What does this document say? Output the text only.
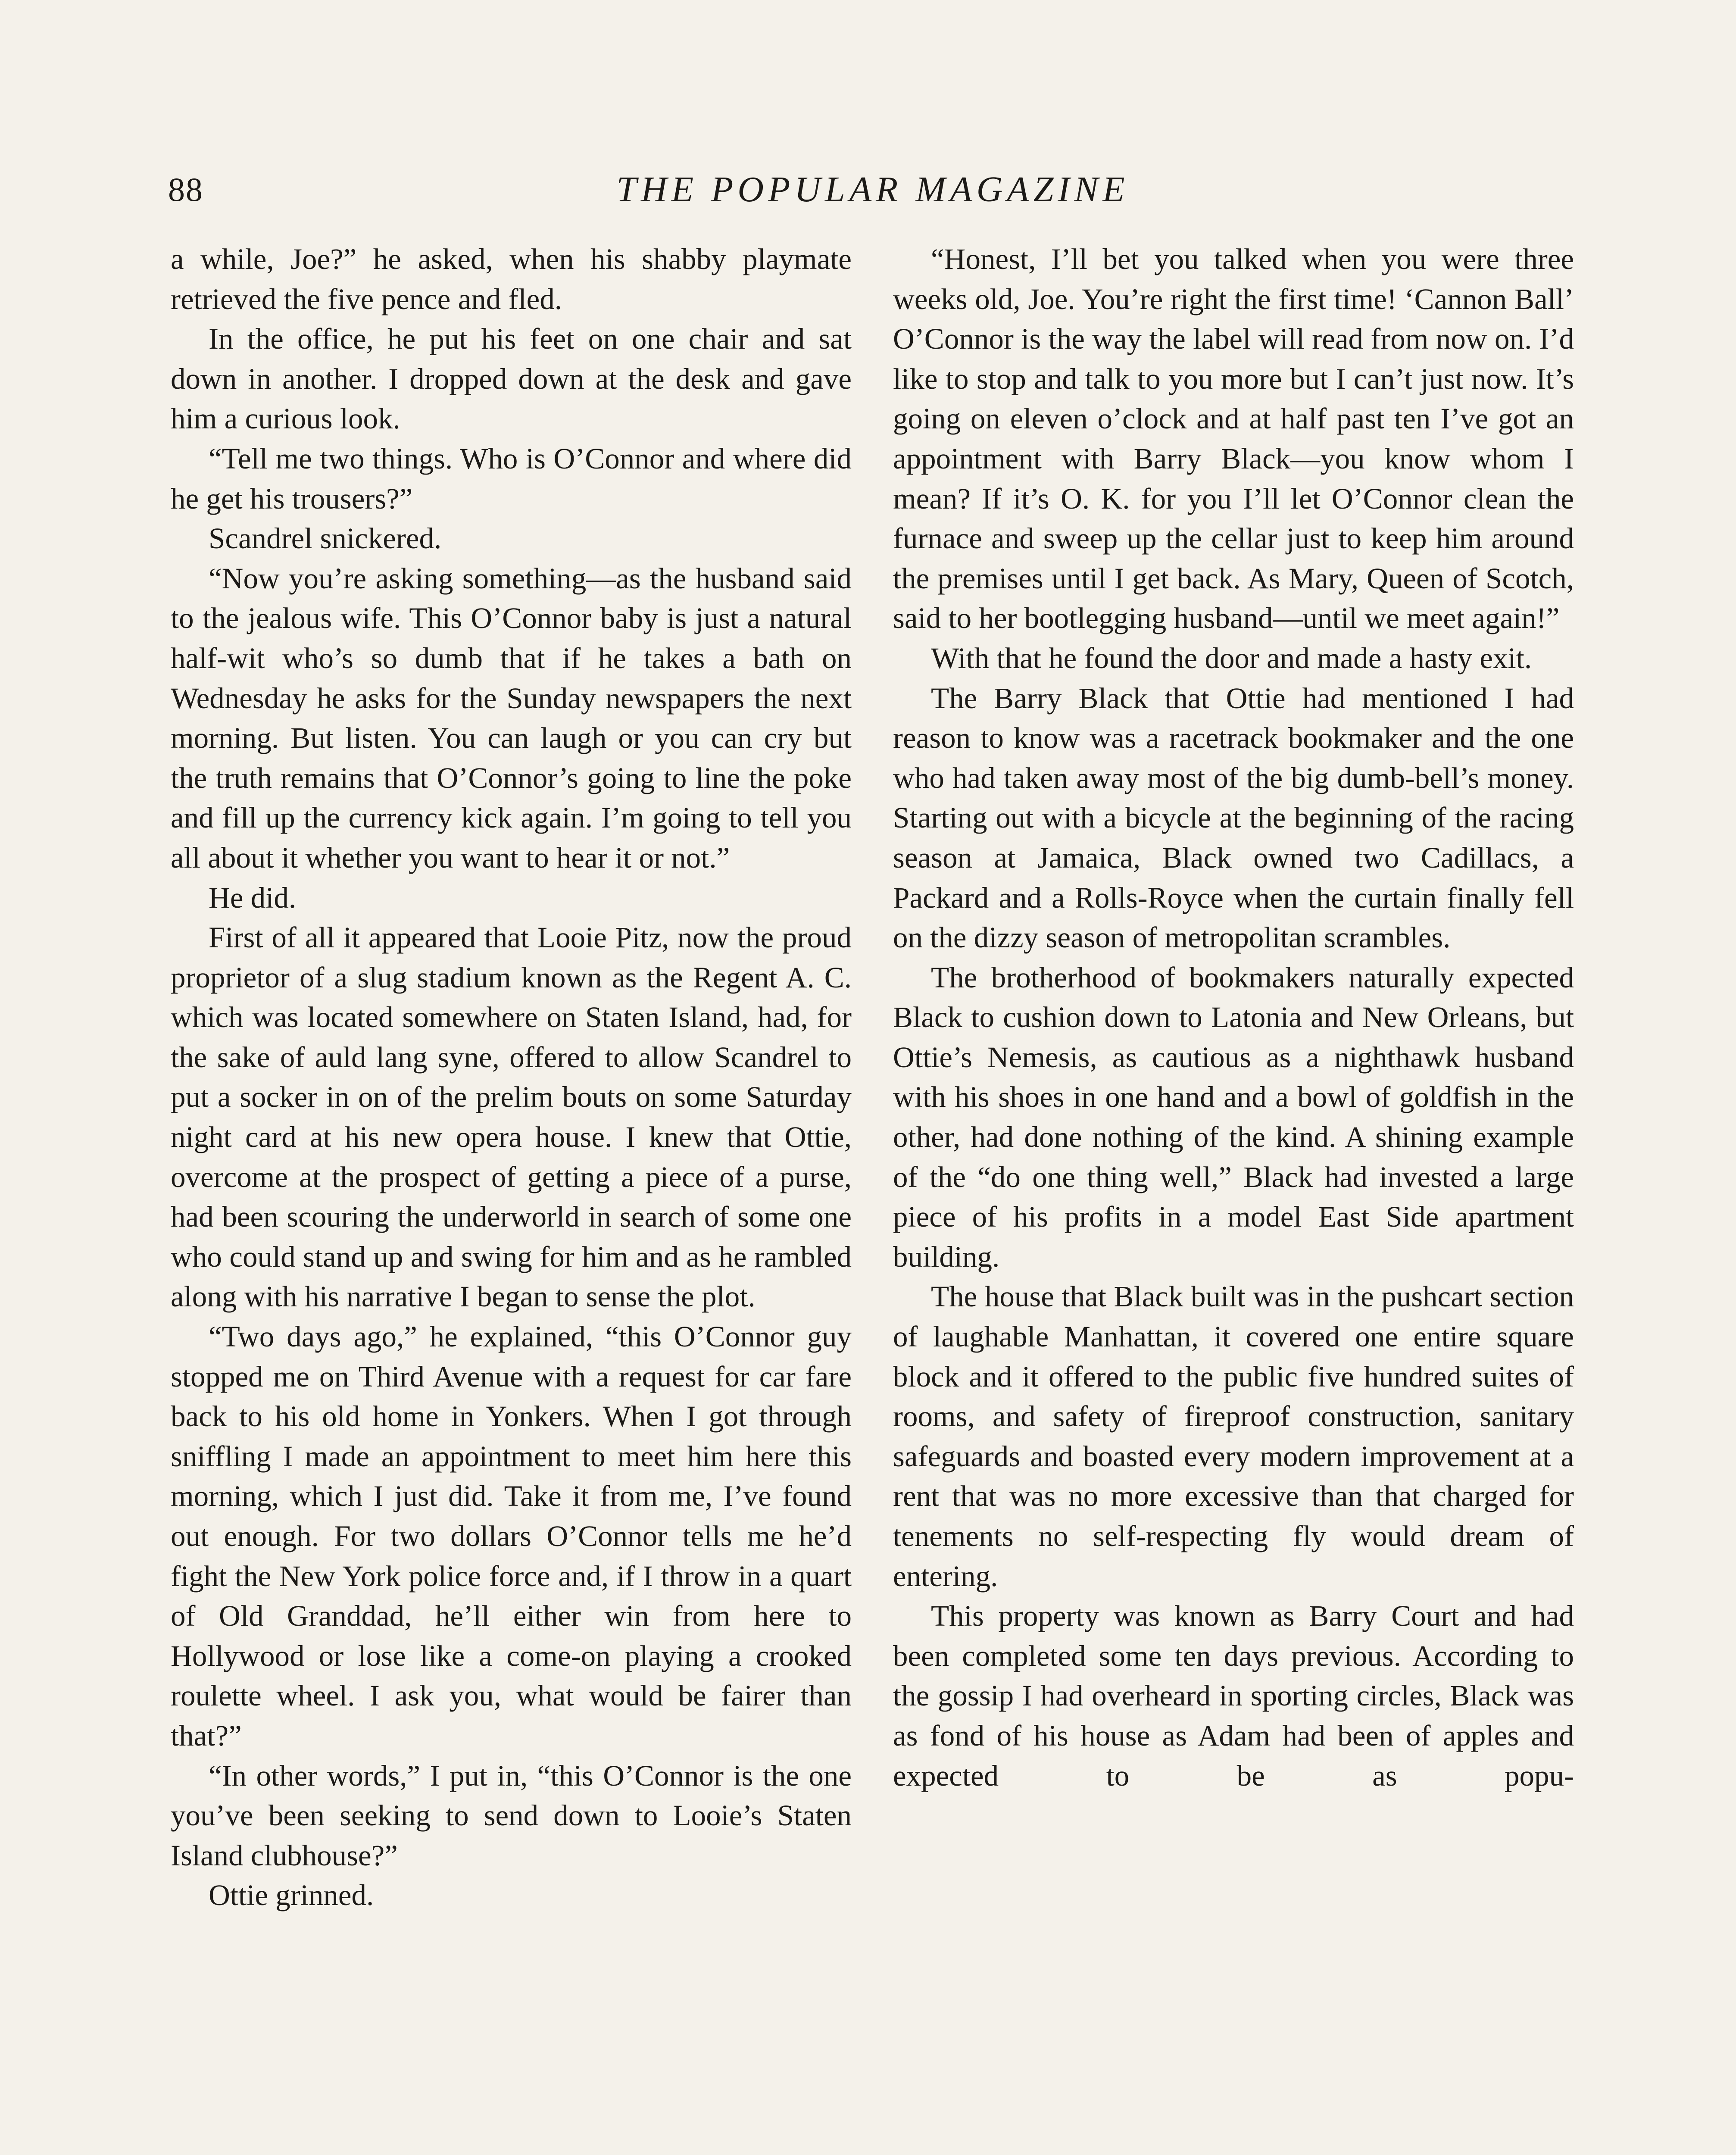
88	THE POPULAR MAGAZINE

a while, Joe?” he asked, when his shabby playmate retrieved the five pence and fled.

In the office, he put his feet on one chair and sat down in another. I dropped down at the desk and gave him a curious look.

“Tell me two things. Who is O’Connor and where did he get his trousers?”

Scandrel snickered.

“Now you’re asking something—as the husband said to the jealous wife. This O’Connor baby is just a natural half-wit who’s so dumb that if he takes a bath on Wednesday he asks for the Sunday newspapers the next morning. But listen. You can laugh or you can cry but the truth remains that O’Connor’s going to line the poke and fill up the currency kick again. I’m going to tell you all about it whether you want to hear it or not.”

He did.

First of all it appeared that Looie Pitz, now the proud proprietor of a slug stadium known as the Regent A. C. which was located somewhere on Staten Island, had, for the sake of auld lang syne, offered to allow Scandrel to put a socker in on of the prelim bouts on some Saturday night card at his new opera house. I knew that Ottie, overcome at the prospect of getting a piece of a purse, had been scouring the underworld in search of some one who could stand up and swing for him and as he rambled along with his narrative I began to sense the plot.

“Two days ago,” he explained, “this O’Connor guy stopped me on Third Avenue with a request for car fare back to his old home in Yonkers. When I got through sniffling I made an appointment to meet him here this morning, which I just did. Take it from me, I’ve found out enough. For two dollars O’Connor tells me he’d fight the New York police force and, if I throw in a quart of Old Granddad, he’ll either win from here to Hollywood or lose like a come-on playing a crooked roulette wheel. I ask you, what would be fairer than that?”

“In other words,” I put in, “this O’Connor is the one you’ve been seeking to send down to Looie’s Staten Island clubhouse?”

Ottie grinned.

“Honest, I’ll bet you talked when you were three weeks old, Joe. You’re right the first time! ‘Cannon Ball’ O’Connor is the way the label will read from now on. I’d like to stop and talk to you more but I can’t just now. It’s going on eleven o’clock and at half past ten I’ve got an appointment with Barry Black—you know whom I mean? If it’s O. K. for you I’ll let O’Connor clean the furnace and sweep up the cellar just to keep him around the premises until I get back. As Mary, Queen of Scotch, said to her bootlegging husband—until we meet again!”

With that he found the door and made a hasty exit.

The Barry Black that Ottie had mentioned I had reason to know was a racetrack bookmaker and the one who had taken away most of the big dumb-bell’s money. Starting out with a bicycle at the beginning of the racing season at Jamaica, Black owned two Cadillacs, a Packard and a Rolls-Royce when the curtain finally fell on the dizzy season of metropolitan scrambles.

The brotherhood of bookmakers naturally expected Black to cushion down to Latonia and New Orleans, but Ottie’s Nemesis, as cautious as a nighthawk husband with his shoes in one hand and a bowl of goldfish in the other, had done nothing of the kind. A shining example of the “do one thing well,” Black had invested a large piece of his profits in a model East Side apartment building.

The house that Black built was in the pushcart section of laughable Manhattan, it covered one entire square block and it offered to the public five hundred suites of rooms, and safety of fireproof construction, sanitary safeguards and boasted every modern improvement at a rent that was no more excessive than that charged for tenements no self-respecting fly would dream of entering.

This property was known as Barry Court and had been completed some ten days previous. According to the gossip I had overheard in sporting circles, Black was as fond of his house as Adam had been of apples and expected to be as popu-
